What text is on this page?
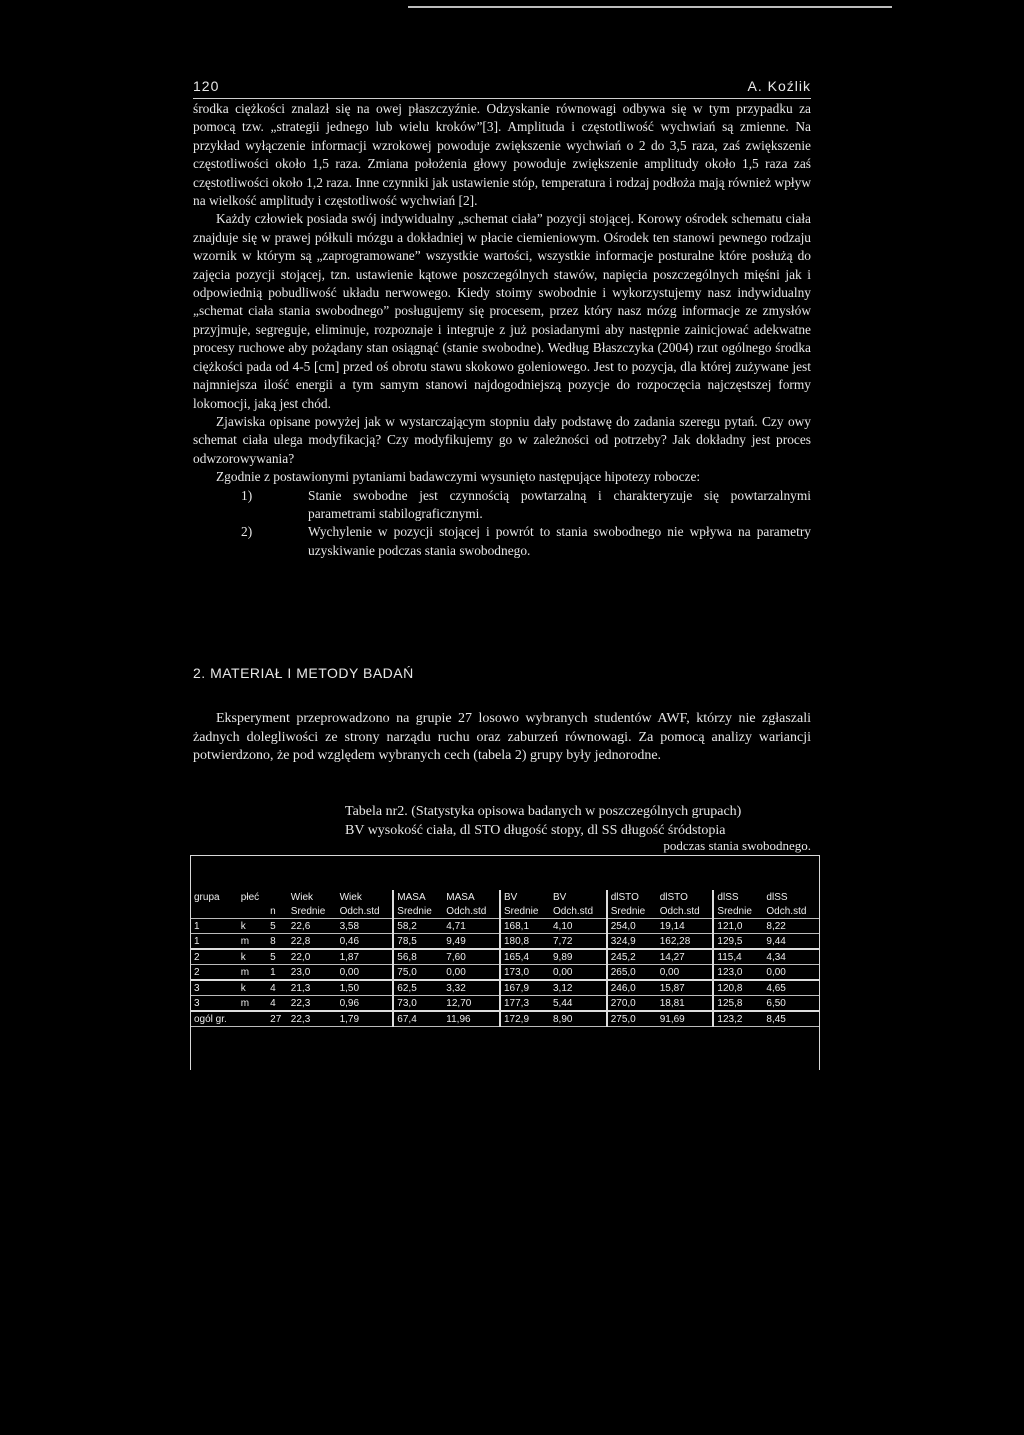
120	A. Koźlik

środka ciężkości znalazł się na owej płaszczyźnie. Odzyskanie równowagi odbywa się w tym przypadku za pomocą tzw. „strategii jednego lub wielu kroków”[3]. Amplituda i częstotliwość wychwiań są zmienne. Na przykład wyłączenie informacji wzrokowej powoduje zwiększenie wychwiań o 2 do 3,5 raza, zaś zwiększenie częstotliwości około 1,5 raza. Zmiana położenia głowy powoduje zwiększenie amplitudy około 1,5 raza zaś częstotliwości około 1,2 raza. Inne czynniki jak ustawienie stóp, temperatura i rodzaj podłoża mają również wpływ na wielkość amplitudy i częstotliwość wychwiań [2].

Każdy człowiek posiada swój indywidualny „schemat ciała” pozycji stojącej. Korowy ośrodek schematu ciała znajduje się w prawej półkuli mózgu a dokładniej w płacie ciemieniowym. Ośrodek ten stanowi pewnego rodzaju wzornik w którym są „zaprogramowane” wszystkie wartości, wszystkie informacje posturalne które posłużą do zajęcia pozycji stojącej, tzn. ustawienie kątowe poszczególnych stawów, napięcia poszczególnych mięśni jak i odpowiednią pobudliwość układu nerwowego. Kiedy stoimy swobodnie i wykorzystujemy nasz indywidualny „schemat ciała stania swobodnego” posługujemy się procesem, przez który nasz mózg informacje ze zmysłów przyjmuje, segreguje, eliminuje, rozpoznaje i integruje z już posiadanymi aby następnie zainicjować adekwatne procesy ruchowe aby pożądany stan osiągnąć (stanie swobodne). Według Błaszczyka (2004) rzut ogólnego środka ciężkości pada od 4-5 [cm] przed oś obrotu stawu skokowo goleniowego. Jest to pozycja, dla której zużywane jest najmniejsza ilość energii a tym samym stanowi najdogodniejszą pozycje do rozpoczęcia najczęstszej formy lokomocji, jaką jest chód.

Zjawiska opisane powyżej jak w wystarczającym stopniu dały podstawę do zadania szeregu pytań. Czy owy schemat ciała ulega modyfikacją? Czy modyfikujemy go w zależności od potrzeby? Jak dokładny jest proces odwzorowywania?

Zgodnie z postawionymi pytaniami badawczymi wysunięto następujące hipotezy robocze:

1)	Stanie swobodne jest czynnością powtarzalną i charakteryzuje się powtarzalnymi parametrami stabilograficznymi.
2)	Wychylenie w pozycji stojącej i powrót to stania swobodnego nie wpływa na parametry uzyskiwanie podczas stania swobodnego.
2. MATERIAŁ I METODY BADAŃ

Eksperyment przeprowadzono na grupie 27 losowo wybranych studentów AWF, którzy nie zgłaszali żadnych dolegliwości ze strony narządu ruchu oraz zaburzeń równowagi. Za pomocą analizy wariancji potwierdzono, że pod względem wybranych cech (tabela 2) grupy były jednorodne.

Tabela nr2. (Statystyka opisowa badanych w poszczególnych grupach)
BV wysokość ciała, dl STO długość stopy, dl SS długość śródstopia
podczas stania swobodnego.
grupa	płeć		Wiek	Wiek	MASA	MASA	BV	BV	dlSTO	dlSTO	dlSS	dlSS
		n	Srednie	Odch.std	Srednie	Odch.std	Srednie	Odch.std	Srednie	Odch.std	Srednie	Odch.std
1	k	5	22,6	3,58	58,2	4,71	168,1	4,10	254,0	19,14	121,0	8,22
1	m	8	22,8	0,46	78,5	9,49	180,8	7,72	324,9	162,28	129,5	9,44
2	k	5	22,0	1,87	56,8	7,60	165,4	9,89	245,2	14,27	115,4	4,34
2	m	1	23,0	0,00	75,0	0,00	173,0	0,00	265,0	0,00	123,0	0,00
3	k	4	21,3	1,50	62,5	3,32	167,9	3,12	246,0	15,87	120,8	4,65
3	m	4	22,3	0,96	73,0	12,70	177,3	5,44	270,0	18,81	125,8	6,50
ogól gr.		27	22,3	1,79	67,4	11,96	172,9	8,90	275,0	91,69	123,2	8,45
